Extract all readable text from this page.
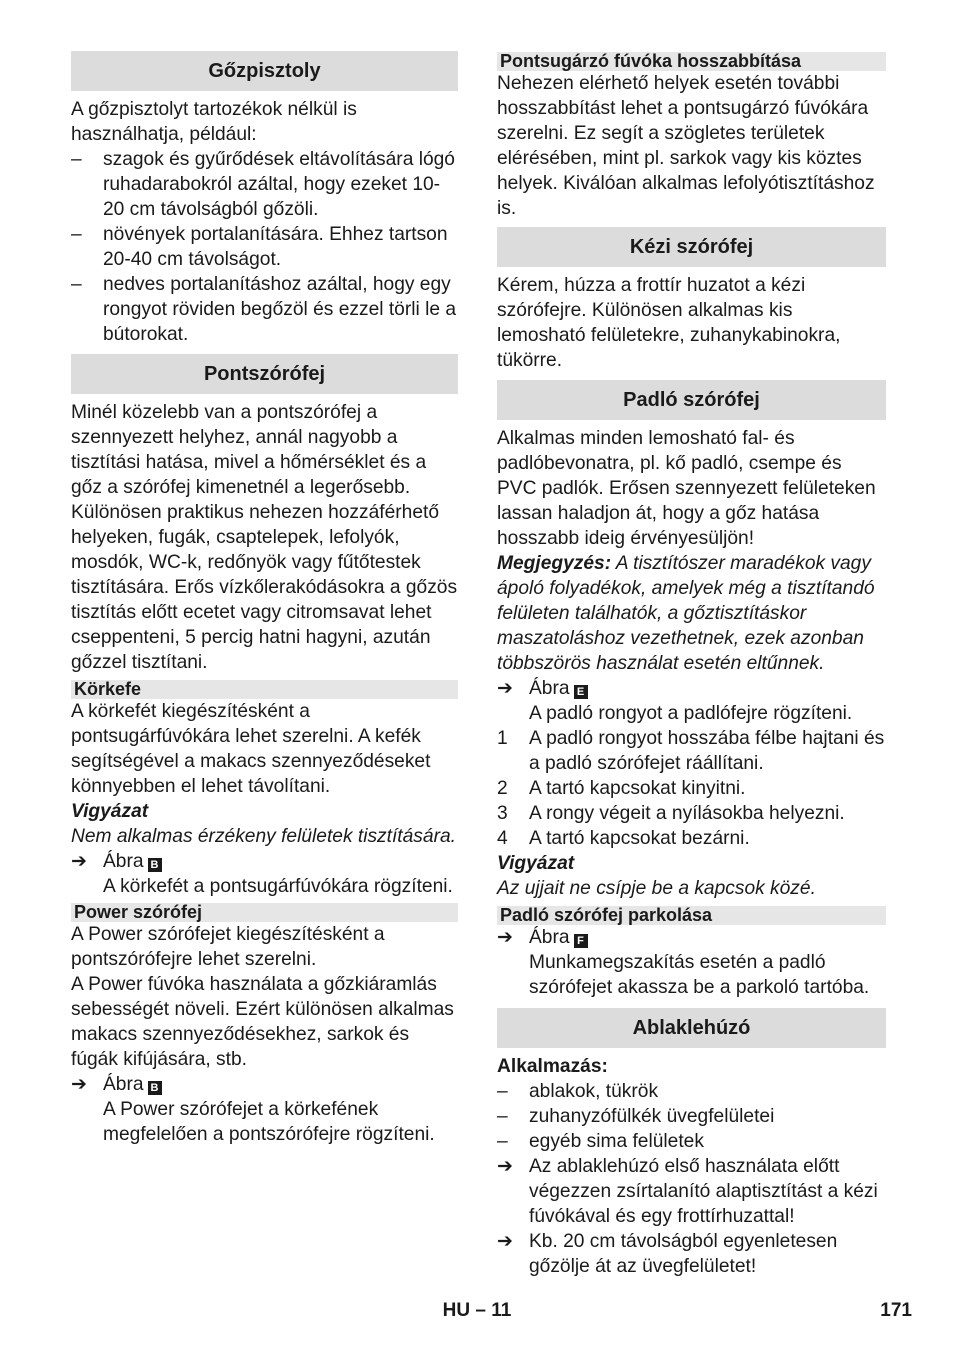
Gőzpisztoly

A gőzpisztolyt tartozékok nélkül is használhatja, például:

–	szagok és gyűrődések eltávolítására lógó ruhadarabokról azáltal, hogy ezeket 10-20 cm távolságból gőzöli.
–	növények portalanítására. Ehhez tartson 20-40 cm távolságot.
–	nedves portalanításhoz azáltal, hogy egy rongyot röviden begőzöl és ezzel törli le a bútorokat.
Pontszórófej

Minél közelebb van a pontszórófej a szennyezett helyhez, annál nagyobb a tisztítási hatása, mivel a hőmérséklet és a gőz a szórófej kimenetnél a legerősebb. Különösen praktikus nehezen hozzáférhető helyeken, fugák, csaptelepek, lefolyók, mosdók, WC-k, redőnyök vagy fűtőtestek tisztítására. Erős vízkőlerakódásokra a gőzös tisztítás előtt ecetet vagy citromsavat lehet cseppenteni, 5 percig hatni hagyni, azután gőzzel tisztítani.

Körkefe

A körkefét kiegészítésként a pontsugárfúvókára lehet szerelni. A kefék segítségével a makacs szennyeződéseket könnyebben el lehet távolítani.

Vigyázat

Nem alkalmas érzékeny felületek tisztítására.

➔ Ábra B

A körkefét a pontsugárfúvókára rögzíteni.

Power szórófej

A Power szórófejet kiegészítésként a pontszórófejre lehet szerelni.

A Power fúvóka használata a gőzkiáramlás sebességét növeli. Ezért különösen alkalmas makacs szennyeződésekhez, sarkok és fúgák kifújására, stb.

➔ Ábra B

A Power szórófejet a körkefének megfelelően a pontszórófejre rögzíteni.

Pontsugárzó fúvóka hosszabbítása

Nehezen elérhető helyek esetén további hosszabbítást lehet a pontsugárzó fúvókára szerelni. Ez segít a szögletes területek elérésében, mint pl. sarkok vagy kis köztes helyek. Kiválóan alkalmas lefolyótisztításhoz is.

Kézi szórófej

Kérem, húzza a frottír huzatot a kézi szórófejre. Különösen alkalmas kis lemosható felületekre, zuhanykabinokra, tükörre.

Padló szórófej

Alkalmas minden lemosható fal- és padlóbevonatra, pl. kő padló, csempe és PVC padlók. Erősen szennyezett felületeken lassan haladjon át, hogy a gőz hatása hosszabb ideig érvényesüljön!

Megjegyzés: A tisztítószer maradékok vagy ápoló folyadékok, amelyek még a tisztítandó felületen találhatók, a gőztisztításkor maszatoláshoz vezethetnek, ezek azonban többszörös használat esetén eltűnnek.

➔ Ábra E

A padló rongyot a padlófejre rögzíteni.

1	A padló rongyot hosszába félbe hajtani és a padló szórófejet ráállítani.
2	A tartó kapcsokat kinyitni.
3	A rongy végeit a nyílásokba helyezni.
4	A tartó kapcsokat bezárni.

Vigyázat

Az ujjait ne csípje be a kapcsok közé.

Padló szórófej parkolása
➔ Ábra F

Munkamegszakítás esetén a padló szórófejet akassza be a parkoló tartóba.

Ablaklehúzó

Alkalmazás:

–	ablakok, tükrök
–	zuhanyzófülkék üvegfelületei
–	egyéb sima felületek
➔ Az ablaklehúzó első használata előtt végezzen zsírtalanító alaptisztítást a kézi fúvókával és egy frottírhuzattal!
➔ Kb. 20 cm távolságból egyenletesen gőzölje át az üvegfelületet!
HU – 11	171
